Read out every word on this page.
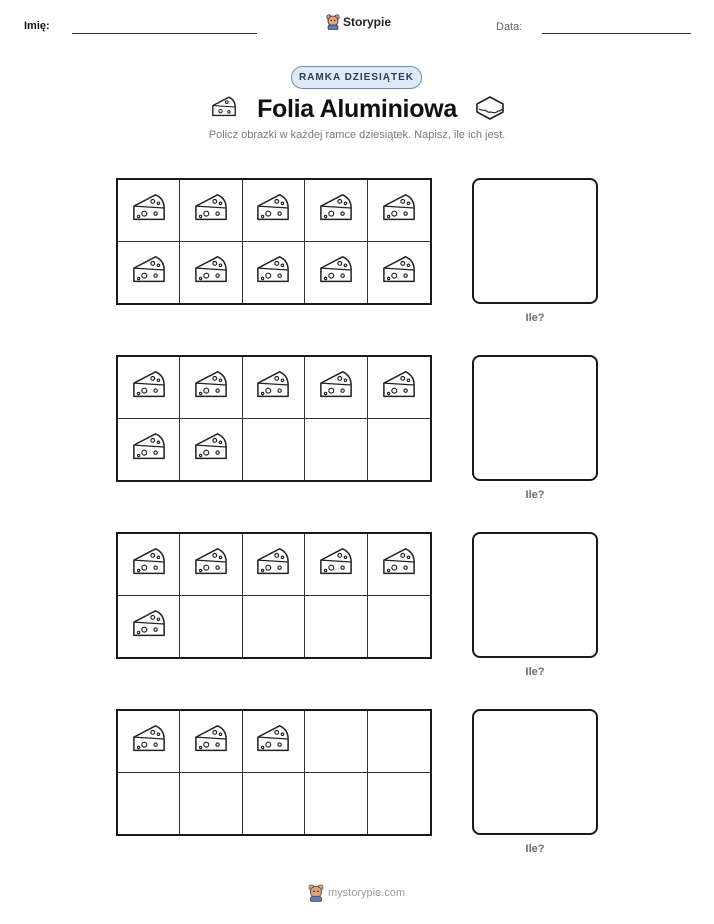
Imię:	Storypie	Data:
RAMKA DZIESIĄTEK
Folia Aluminiowa
Policz obrazki w każdej ramce dziesiątek. Napisz, ile ich jest.
Ile?
Ile?
Ile?
Ile?
mystorypie.com
